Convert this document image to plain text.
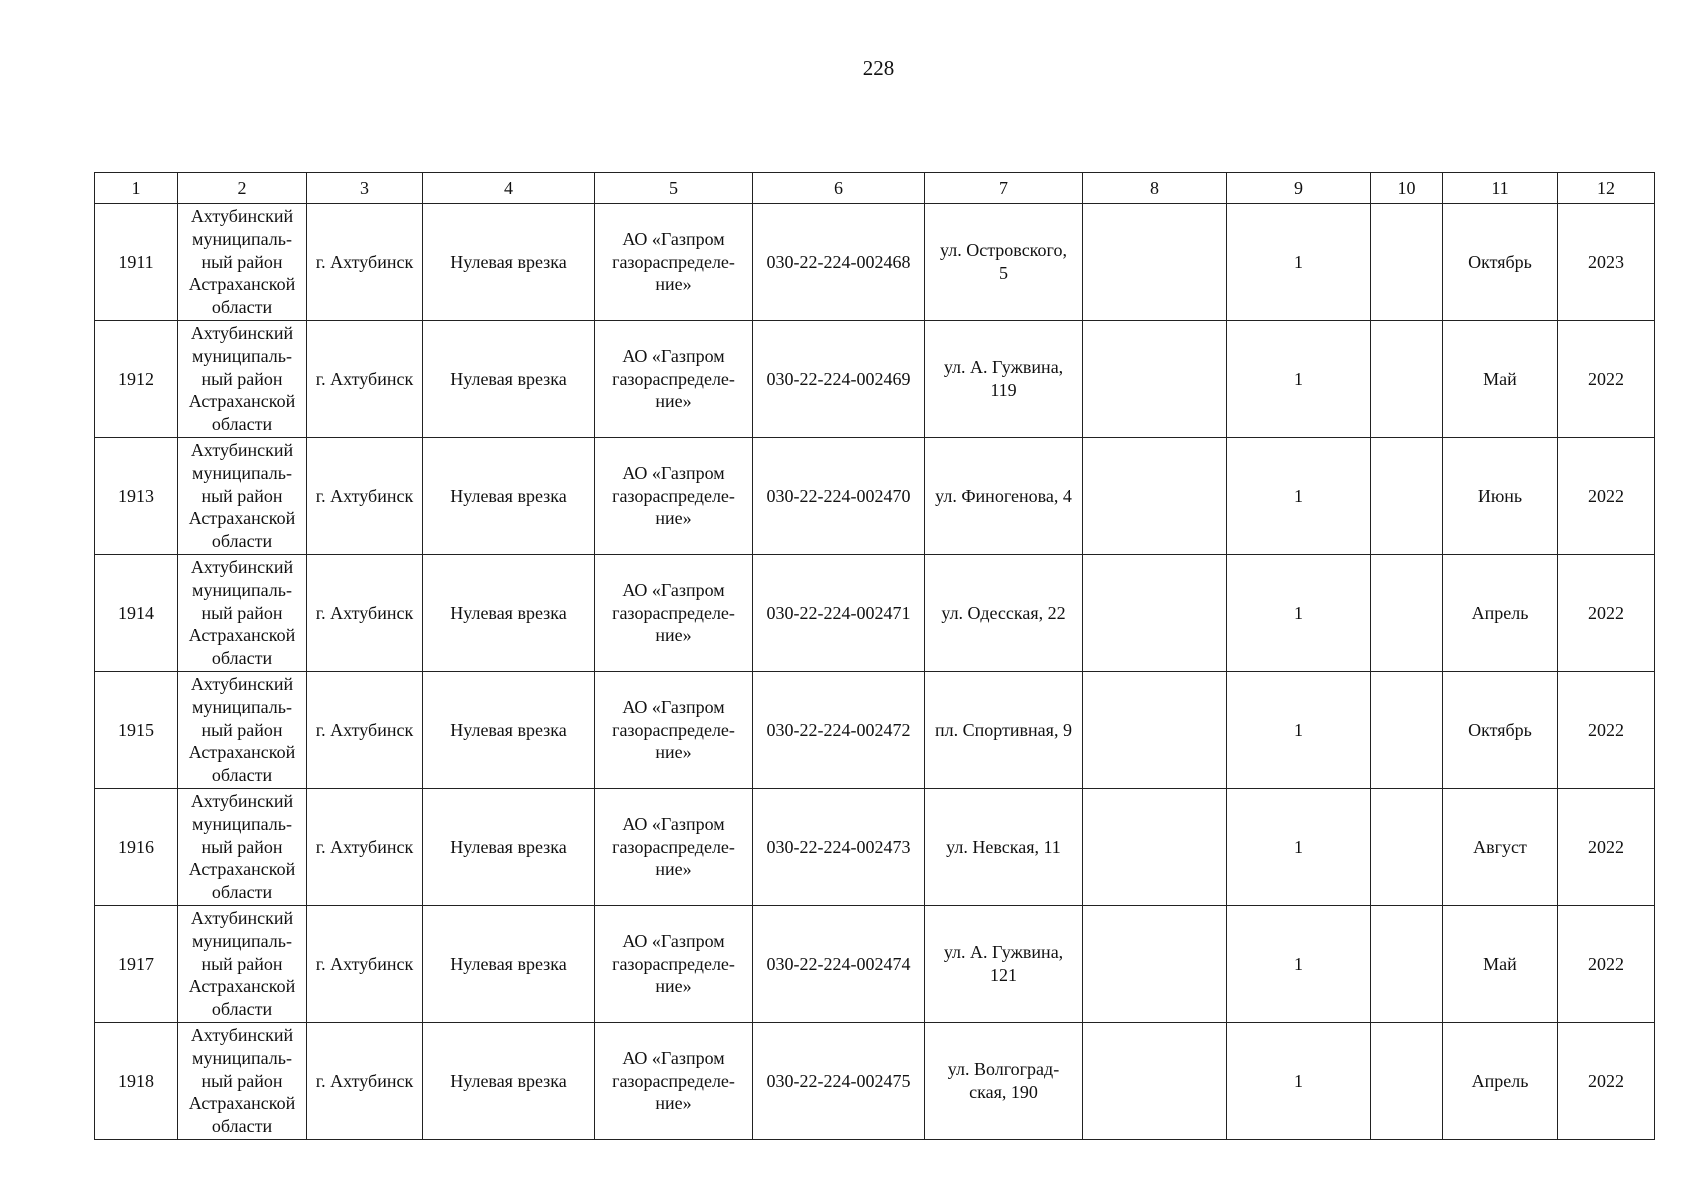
228
1	2	3	4	5	6	7	8	9	10	11	12
1911	Ахтубинский
муниципаль-
ный район
Астраханской
области	г. Ахтубинск	Нулевая врезка	АО «Газпром
газораспределе-
ние»	030-22-224-002468	ул. Островского,
5		1		Октябрь	2023
1912	Ахтубинский
муниципаль-
ный район
Астраханской
области	г. Ахтубинск	Нулевая врезка	АО «Газпром
газораспределе-
ние»	030-22-224-002469	ул. А. Гужвина,
119		1		Май	2022
1913	Ахтубинский
муниципаль-
ный район
Астраханской
области	г. Ахтубинск	Нулевая врезка	АО «Газпром
газораспределе-
ние»	030-22-224-002470	ул. Финогенова, 4		1		Июнь	2022
1914	Ахтубинский
муниципаль-
ный район
Астраханской
области	г. Ахтубинск	Нулевая врезка	АО «Газпром
газораспределе-
ние»	030-22-224-002471	ул. Одесская, 22		1		Апрель	2022
1915	Ахтубинский
муниципаль-
ный район
Астраханской
области	г. Ахтубинск	Нулевая врезка	АО «Газпром
газораспределе-
ние»	030-22-224-002472	пл. Спортивная, 9		1		Октябрь	2022
1916	Ахтубинский
муниципаль-
ный район
Астраханской
области	г. Ахтубинск	Нулевая врезка	АО «Газпром
газораспределе-
ние»	030-22-224-002473	ул. Невская, 11		1		Август	2022
1917	Ахтубинский
муниципаль-
ный район
Астраханской
области	г. Ахтубинск	Нулевая врезка	АО «Газпром
газораспределе-
ние»	030-22-224-002474	ул. А. Гужвина,
121		1		Май	2022
1918	Ахтубинский
муниципаль-
ный район
Астраханской
области	г. Ахтубинск	Нулевая врезка	АО «Газпром
газораспределе-
ние»	030-22-224-002475	ул. Волгоград-
ская, 190		1		Апрель	2022
